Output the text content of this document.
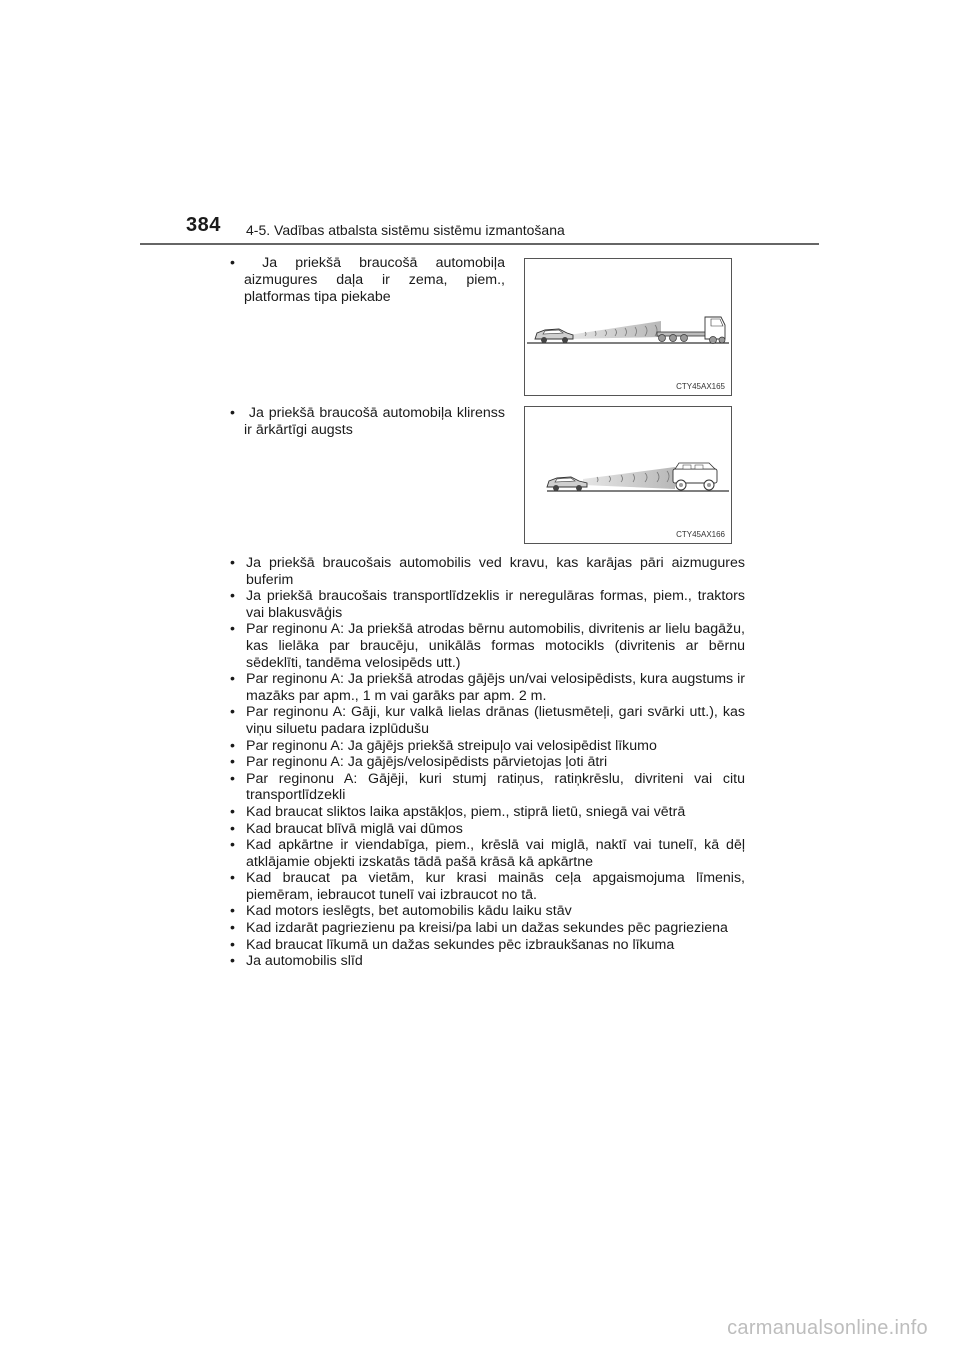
384 4-5. Vadības atbalsta sistēmu sistēmu izmantošana
• Ja priekšā braucošā automobiļa aizmugures daļa ir zema, piem., platformas tipa piekabe
CTY45AX165
• Ja priekšā braucošā automobiļa klirenss ir ārkārtīgi augsts
CTY45AX166
• Ja priekšā braucošais automobilis ved kravu, kas karājas pāri aizmugures buferim
• Ja priekšā braucošais transportlīdzeklis ir neregulāras formas, piem., traktors vai blakusvāģis
• Par reginonu A: Ja priekšā atrodas bērnu automobilis, divritenis ar lielu bagāžu, kas lielāka par braucēju, unikālās formas motocikls (divritenis ar bērnu sēdeklīti, tandēma velosipēds utt.)
• Par reginonu A: Ja priekšā atrodas gājējs un/vai velosipēdists, kura augstums ir mazāks par apm., 1 m vai garāks par apm. 2 m.
• Par reginonu A: Gāji, kur valkā lielas drānas (lietusmēteļi, gari svārki utt.), kas viņu siluetu padara izplūdušu
• Par reginonu A: Ja gājējs priekšā streipuļo vai velosipēdist līkumo
• Par reginonu A: Ja gājējs/velosipēdists pārvietojas ļoti ātri
• Par reginonu A: Gājēji, kuri stumj ratiņus, ratiņkrēslu, divriteni vai citu transportlīdzekli
• Kad braucat sliktos laika apstākļos, piem., stiprā lietū, sniegā vai vētrā
• Kad braucat blīvā miglā vai dūmos
• Kad apkārtne ir viendabīga, piem., krēslā vai miglā, naktī vai tunelī, kā dēļ atklājamie objekti izskatās tādā pašā krāsā kā apkārtne
• Kad braucat pa vietām, kur krasi mainās ceļa apgaismojuma līmenis, piemēram, iebraucot tunelī vai izbraucot no tā.
• Kad motors ieslēgts, bet automobilis kādu laiku stāv
• Kad izdarāt pagriezienu pa kreisi/pa labi un dažas sekundes pēc pagrieziena
• Kad braucat līkumā un dažas sekundes pēc izbraukšanas no līkuma
• Ja automobilis slīd
carmanualsonline.info
